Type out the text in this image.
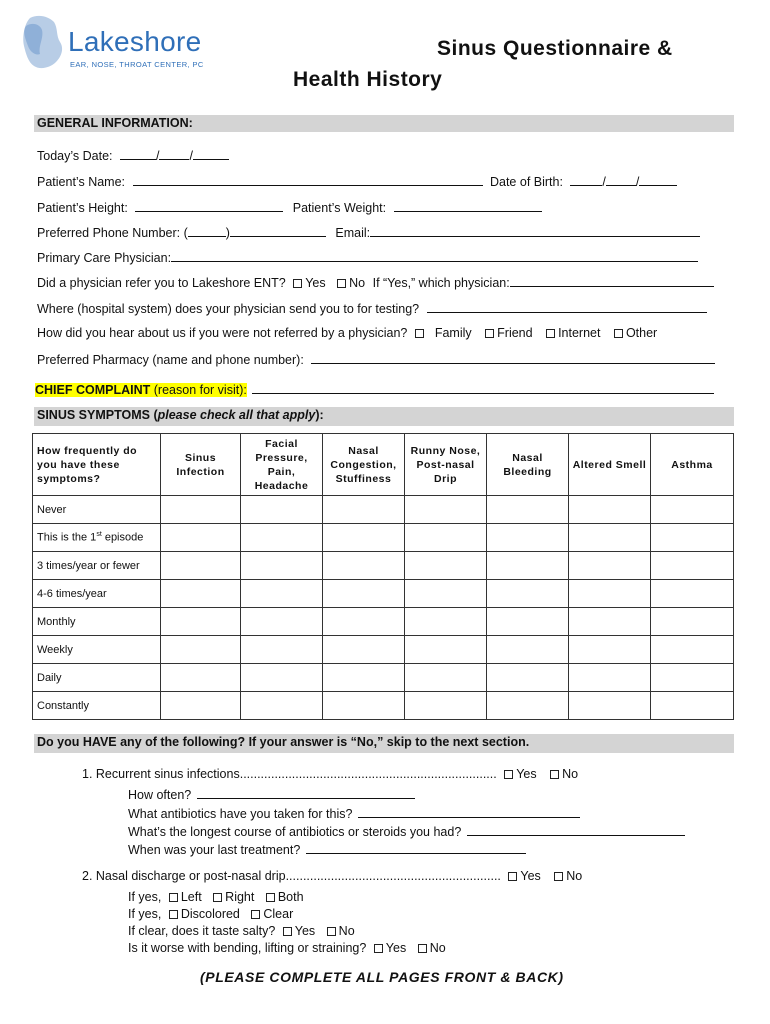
Lakeshore
EAR, NOSE, THROAT CENTER, PC
Sinus Questionnaire &
Health History
GENERAL INFORMATION:
Today’s Date:	/ /
Patient’s Name:	Date of Birth:	/ /
Patient’s Height:	Patient’s Weight:
Preferred Phone Number: (	)	Email:
Primary Care Physician:
Did a physician refer you to Lakeshore ENT? Yes No If “Yes,” which physician:
Where (hospital system) does your physician send you to for testing?
How did you hear about us if you were not referred by a physician? Family Friend Internet Other
Preferred Pharmacy (name and phone number):
CHIEF COMPLAINT (reason for visit):
SINUS SYMPTOMS (please check all that apply):
How frequently do you have these symptoms?	Sinus Infection	Facial Pressure, Pain, Headache	Nasal Congestion, Stuffiness	Runny Nose, Post-nasal Drip	Nasal Bleeding	Altered Smell	Asthma
Never							
This is the 1st episode							
3 times/year or fewer							
4-6 times/year							
Monthly							
Weekly							
Daily							
Constantly							
Do you HAVE any of the following? If your answer is “No,” skip to the next section.
1. Recurrent sinus infections.......................................................................... Yes No
How often?
What antibiotics have you taken for this?
What’s the longest course of antibiotics or steroids you had?
When was your last treatment?
2. Nasal discharge or post-nasal drip.............................................................. Yes No
If yes, Left Right Both
If yes, Discolored Clear
If clear, does it taste salty? Yes No
Is it worse with bending, lifting or straining? Yes No
(PLEASE COMPLETE ALL PAGES FRONT & BACK)
